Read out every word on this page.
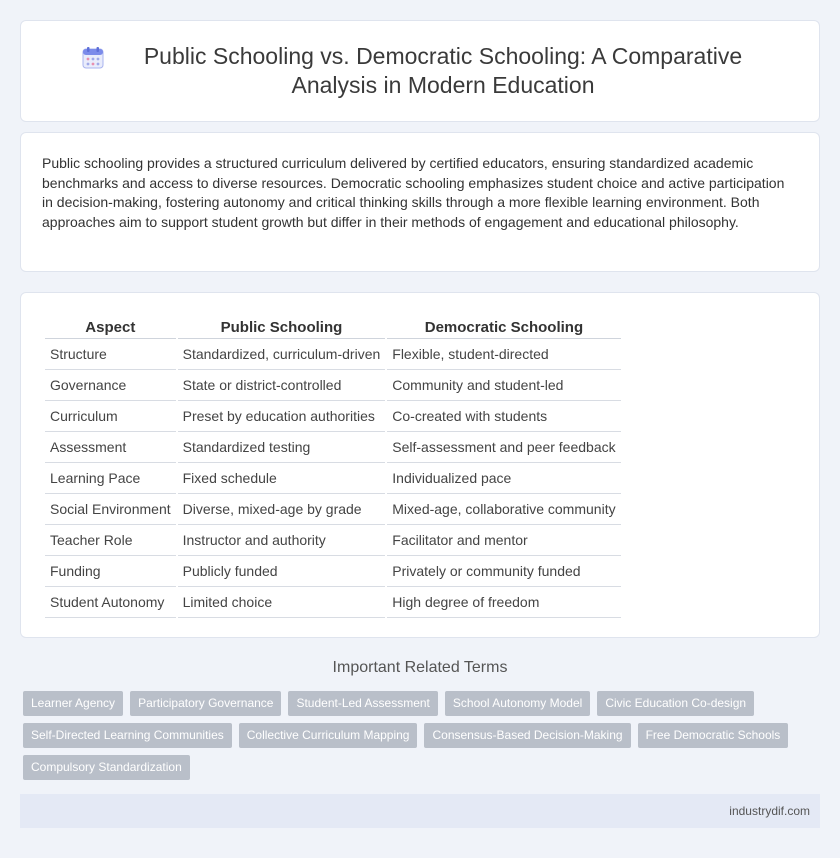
Public Schooling vs. Democratic Schooling: A Comparative Analysis in Modern Education

Public schooling provides a structured curriculum delivered by certified educators, ensuring standardized academic benchmarks and access to diverse resources. Democratic schooling emphasizes student choice and active participation in decision-making, fostering autonomy and critical thinking skills through a more flexible learning environment. Both approaches aim to support student growth but differ in their methods of engagement and educational philosophy.

Aspect	Public Schooling	Democratic Schooling
Structure	Standardized, curriculum-driven	Flexible, student-directed
Governance	State or district-controlled	Community and student-led
Curriculum	Preset by education authorities	Co-created with students
Assessment	Standardized testing	Self-assessment and peer feedback
Learning Pace	Fixed schedule	Individualized pace
Social Environment	Diverse, mixed-age by grade	Mixed-age, collaborative community
Teacher Role	Instructor and authority	Facilitator and mentor
Funding	Publicly funded	Privately or community funded
Student Autonomy	Limited choice	High degree of freedom
Important Related Terms
Learner Agency	Participatory Governance	Student-Led Assessment	School Autonomy Model	Civic Education Co-design
Self-Directed Learning Communities	Collective Curriculum Mapping	Consensus-Based Decision-Making	Free Democratic Schools
Compulsory Standardization
industrydif.com
